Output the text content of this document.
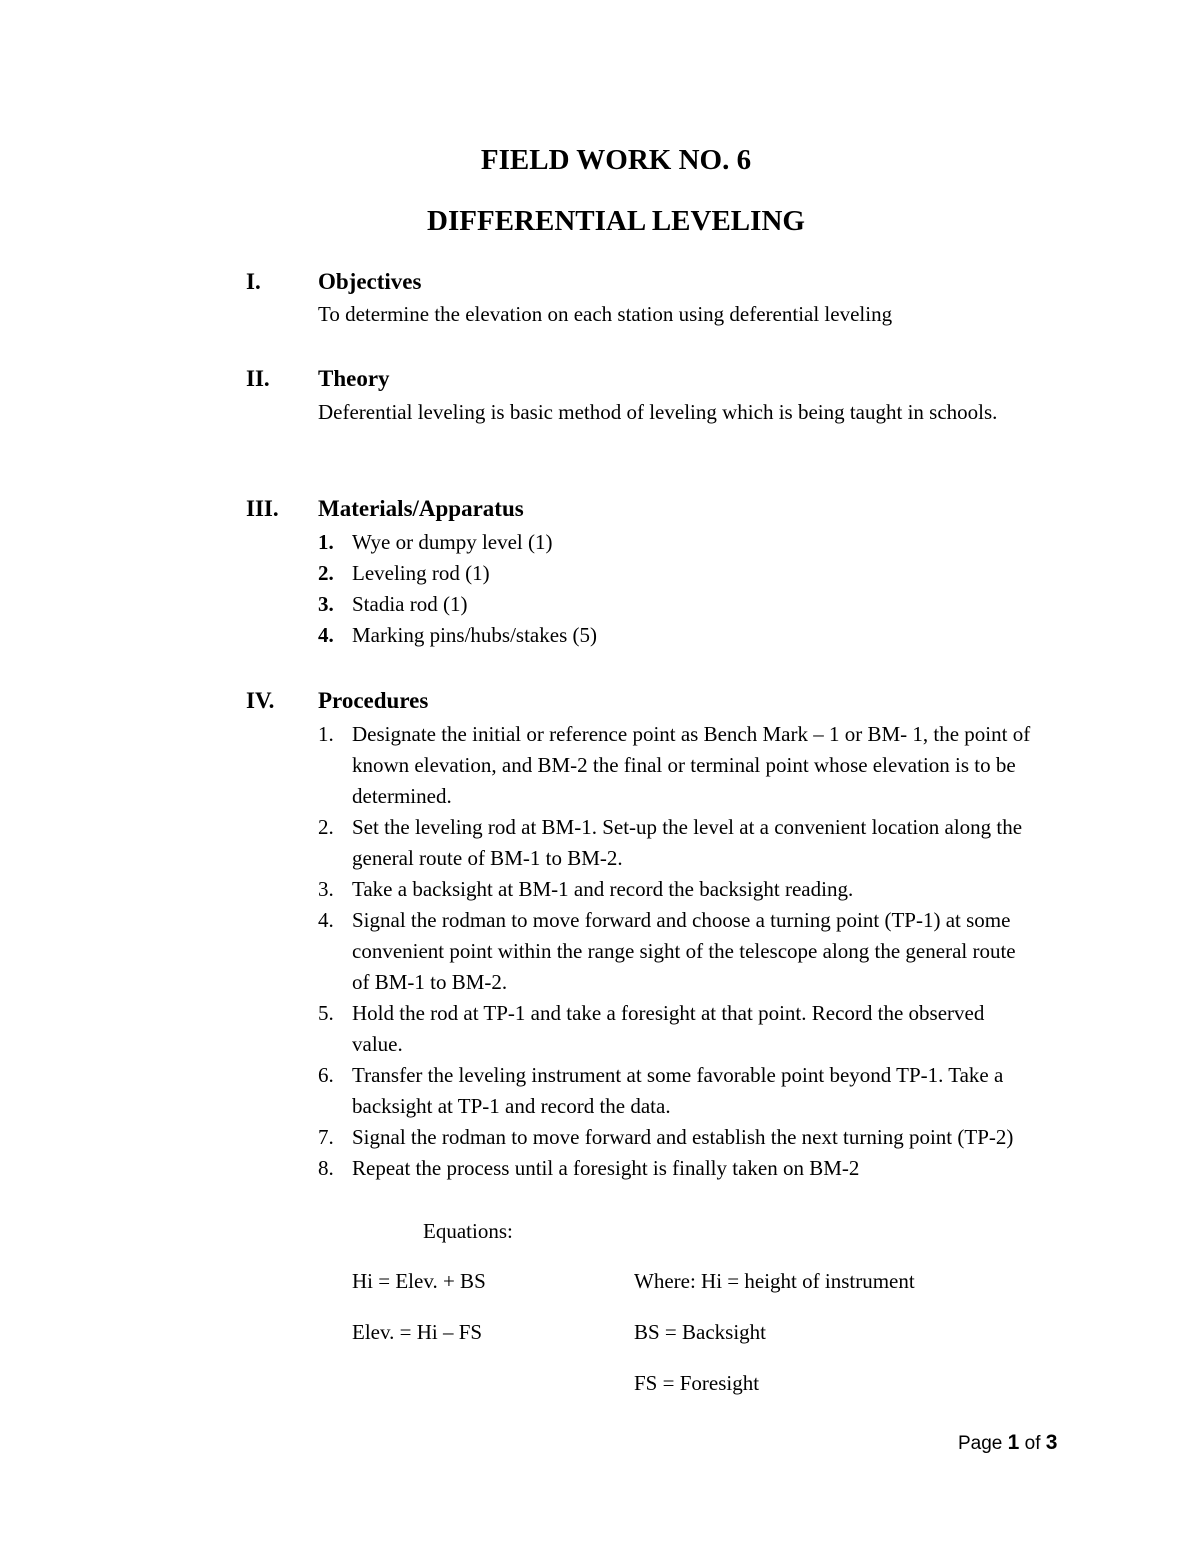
FIELD WORK NO. 6
DIFFERENTIAL LEVELING
I. Objectives
To determine the elevation on each station using deferential leveling
II. Theory
Deferential leveling is basic method of leveling which is being taught in schools.
III. Materials/Apparatus
1. Wye or dumpy level (1)
2. Leveling rod (1)
3. Stadia rod (1)
4. Marking pins/hubs/stakes (5)
IV. Procedures
1. Designate the initial or reference point as Bench Mark – 1 or BM- 1, the point of known elevation, and BM-2 the final or terminal point whose elevation is to be determined.
2. Set the leveling rod at BM-1. Set-up the level at a convenient location along the general route of BM-1 to BM-2.
3. Take a backsight at BM-1 and record the backsight reading.
4. Signal the rodman to move forward and choose a turning point (TP-1) at some convenient point within the range sight of the telescope along the general route of BM-1 to BM-2.
5. Hold the rod at TP-1 and take a foresight at that point. Record the observed value.
6. Transfer the leveling instrument at some favorable point beyond TP-1. Take a backsight at TP-1 and record the data.
7. Signal the rodman to move forward and establish the next turning point (TP-2)
8. Repeat the process until a foresight is finally taken on BM-2
Equations:
Hi = Elev. + BS
Elev. = Hi – FS
Where: Hi = height of instrument
BS = Backsight
FS = Foresight
Page 1 of 3
